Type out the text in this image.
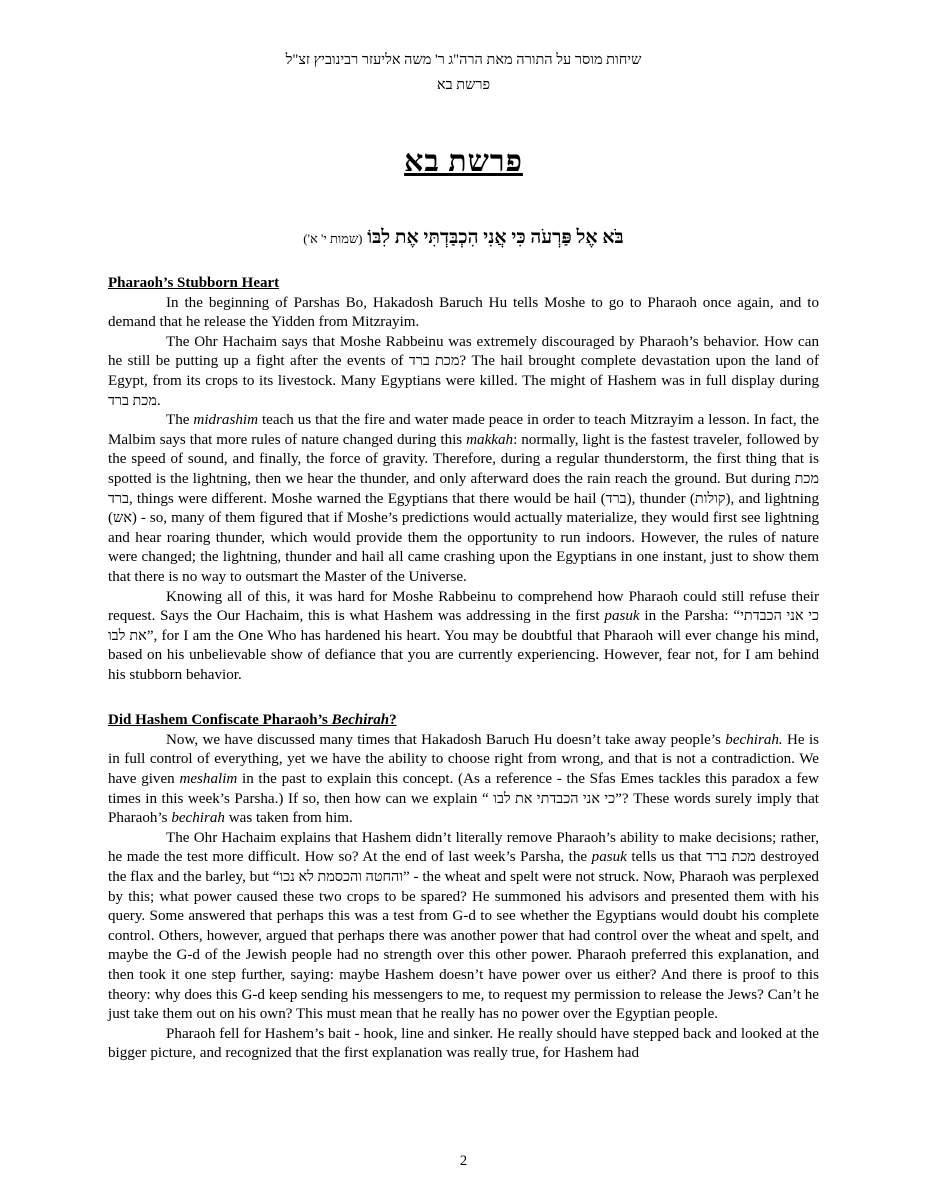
שיחות מוסר על התורה מאת הרה"ג ר' משה אליעזר רבינוביץ זצ"ל
פרשת בא
פרשת בא
בֹּא אֶל פַּרְעֹה כִּי אֲנִי הִכְבַּדְתִּי אֶת לִבּוֹ (שמות י' א')
Pharaoh’s Stubborn Heart

In the beginning of Parshas Bo, Hakadosh Baruch Hu tells Moshe to go to Pharaoh once again, and to demand that he release the Yidden from Mitzrayim.

The Ohr Hachaim says that Moshe Rabbeinu was extremely discouraged by Pharaoh’s behavior. How can he still be putting up a fight after the events of מכת ברד? The hail brought complete devastation upon the land of Egypt, from its crops to its livestock. Many Egyptians were killed. The might of Hashem was in full display during מכת ברד.

The midrashim teach us that the fire and water made peace in order to teach Mitzrayim a lesson. In fact, the Malbim says that more rules of nature changed during this makkah: normally, light is the fastest traveler, followed by the speed of sound, and finally, the force of gravity. Therefore, during a regular thunderstorm, the first thing that is spotted is the lightning, then we hear the thunder, and only afterward does the rain reach the ground. But during מכת ברד, things were different. Moshe warned the Egyptians that there would be hail (ברד), thunder (קולות), and lightning (אש) - so, many of them figured that if Moshe’s predictions would actually materialize, they would first see lightning and hear roaring thunder, which would provide them the opportunity to run indoors. However, the rules of nature were changed; the lightning, thunder and hail all came crashing upon the Egyptians in one instant, just to show them that there is no way to outsmart the Master of the Universe.

Knowing all of this, it was hard for Moshe Rabbeinu to comprehend how Pharaoh could still refuse their request. Says the Our Hachaim, this is what Hashem was addressing in the first pasuk in the Parsha: “כי אני הכבדתי את לבו”, for I am the One Who has hardened his heart. You may be doubtful that Pharaoh will ever change his mind, based on his unbelievable show of defiance that you are currently experiencing. However, fear not, for I am behind his stubborn behavior.

Did Hashem Confiscate Pharaoh’s Bechirah?

Now, we have discussed many times that Hakadosh Baruch Hu doesn’t take away people’s bechirah. He is in full control of everything, yet we have the ability to choose right from wrong, and that is not a contradiction. We have given meshalim in the past to explain this concept. (As a reference - the Sfas Emes tackles this paradox a few times in this week’s Parsha.) If so, then how can we explain “ כי אני הכבדתי את לבו”? These words surely imply that Pharaoh’s bechirah was taken from him.

The Ohr Hachaim explains that Hashem didn’t literally remove Pharaoh’s ability to make decisions; rather, he made the test more difficult. How so? At the end of last week’s Parsha, the pasuk tells us that מכת ברד destroyed the flax and the barley, but “והחטה והכסמת לא נכו” - the wheat and spelt were not struck. Now, Pharaoh was perplexed by this; what power caused these two crops to be spared? He summoned his advisors and presented them with his query. Some answered that perhaps this was a test from G-d to see whether the Egyptians would doubt his complete control. Others, however, argued that perhaps there was another power that had control over the wheat and spelt, and maybe the G-d of the Jewish people had no strength over this other power. Pharaoh preferred this explanation, and then took it one step further, saying: maybe Hashem doesn’t have power over us either? And there is proof to this theory: why does this G-d keep sending his messengers to me, to request my permission to release the Jews? Can’t he just take them out on his own? This must mean that he really has no power over the Egyptian people.

Pharaoh fell for Hashem’s bait - hook, line and sinker. He really should have stepped back and looked at the bigger picture, and recognized that the first explanation was really true, for Hashem had

2
